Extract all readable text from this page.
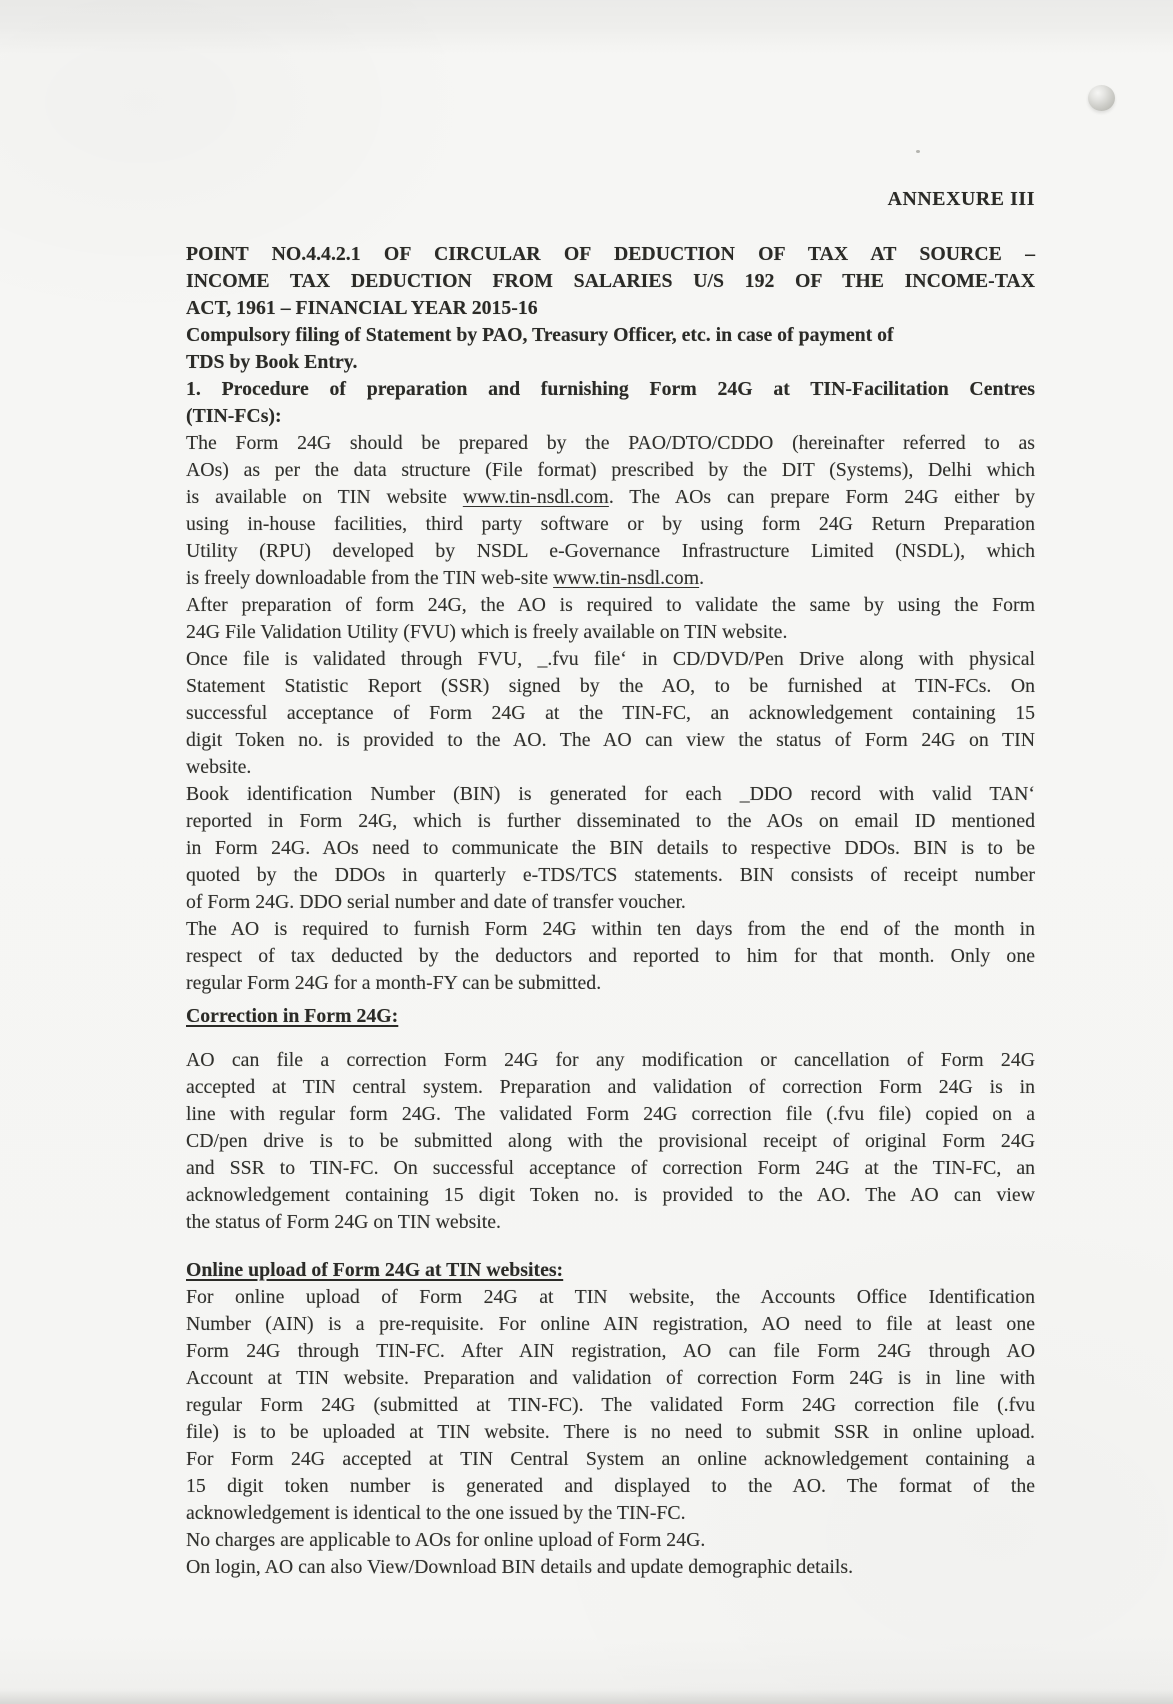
ANNEXURE III
POINT NO.4.4.2.1 OF CIRCULAR OF DEDUCTION OF TAX AT SOURCE –
INCOME TAX DEDUCTION FROM SALARIES U/S 192 OF THE INCOME-TAX
ACT, 1961 – FINANCIAL YEAR 2015-16
Compulsory filing of Statement by PAO, Treasury Officer, etc. in case of payment of
TDS by Book Entry.
1. Procedure of preparation and furnishing Form 24G at TIN-Facilitation Centres
(TIN-FCs):
The Form 24G should be prepared by the PAO/DTO/CDDO (hereinafter referred to as
AOs) as per the data structure (File format) prescribed by the DIT (Systems), Delhi which
is available on TIN website www.tin-nsdl.com. The AOs can prepare Form 24G either by
using in-house facilities, third party software or by using form 24G Return Preparation
Utility (RPU) developed by NSDL e-Governance Infrastructure Limited (NSDL), which
is freely downloadable from the TIN web-site www.tin-nsdl.com.
After preparation of form 24G, the AO is required to validate the same by using the Form
24G File Validation Utility (FVU) which is freely available on TIN website.
Once file is validated through FVU, _.fvu file‘ in CD/DVD/Pen Drive along with physical
Statement Statistic Report (SSR) signed by the AO, to be furnished at TIN-FCs. On
successful acceptance of Form 24G at the TIN-FC, an acknowledgement containing 15
digit Token no. is provided to the AO. The AO can view the status of Form 24G on TIN
website.
Book identification Number (BIN) is generated for each _DDO record with valid TAN‘
reported in Form 24G, which is further disseminated to the AOs on email ID mentioned
in Form 24G. AOs need to communicate the BIN details to respective DDOs. BIN is to be
quoted by the DDOs in quarterly e-TDS/TCS statements. BIN consists of receipt number
of Form 24G. DDO serial number and date of transfer voucher.
The AO is required to furnish Form 24G within ten days from the end of the month in
respect of tax deducted by the deductors and reported to him for that month. Only one
regular Form 24G for a month-FY can be submitted.
Correction in Form 24G:
AO can file a correction Form 24G for any modification or cancellation of Form 24G
accepted at TIN central system. Preparation and validation of correction Form 24G is in
line with regular form 24G. The validated Form 24G correction file (.fvu file) copied on a
CD/pen drive is to be submitted along with the provisional receipt of original Form 24G
and SSR to TIN-FC. On successful acceptance of correction Form 24G at the TIN-FC, an
acknowledgement containing 15 digit Token no. is provided to the AO. The AO can view
the status of Form 24G on TIN website.
Online upload of Form 24G at TIN websites:
For online upload of Form 24G at TIN website, the Accounts Office Identification
Number (AIN) is a pre-requisite. For online AIN registration, AO need to file at least one
Form 24G through TIN-FC. After AIN registration, AO can file Form 24G through AO
Account at TIN website. Preparation and validation of correction Form 24G is in line with
regular Form 24G (submitted at TIN-FC). The validated Form 24G correction file (.fvu
file) is to be uploaded at TIN website. There is no need to submit SSR in online upload.
For Form 24G accepted at TIN Central System an online acknowledgement containing a
15 digit token number is generated and displayed to the AO. The format of the
acknowledgement is identical to the one issued by the TIN-FC.
No charges are applicable to AOs for online upload of Form 24G.
On login, AO can also View/Download BIN details and update demographic details.
